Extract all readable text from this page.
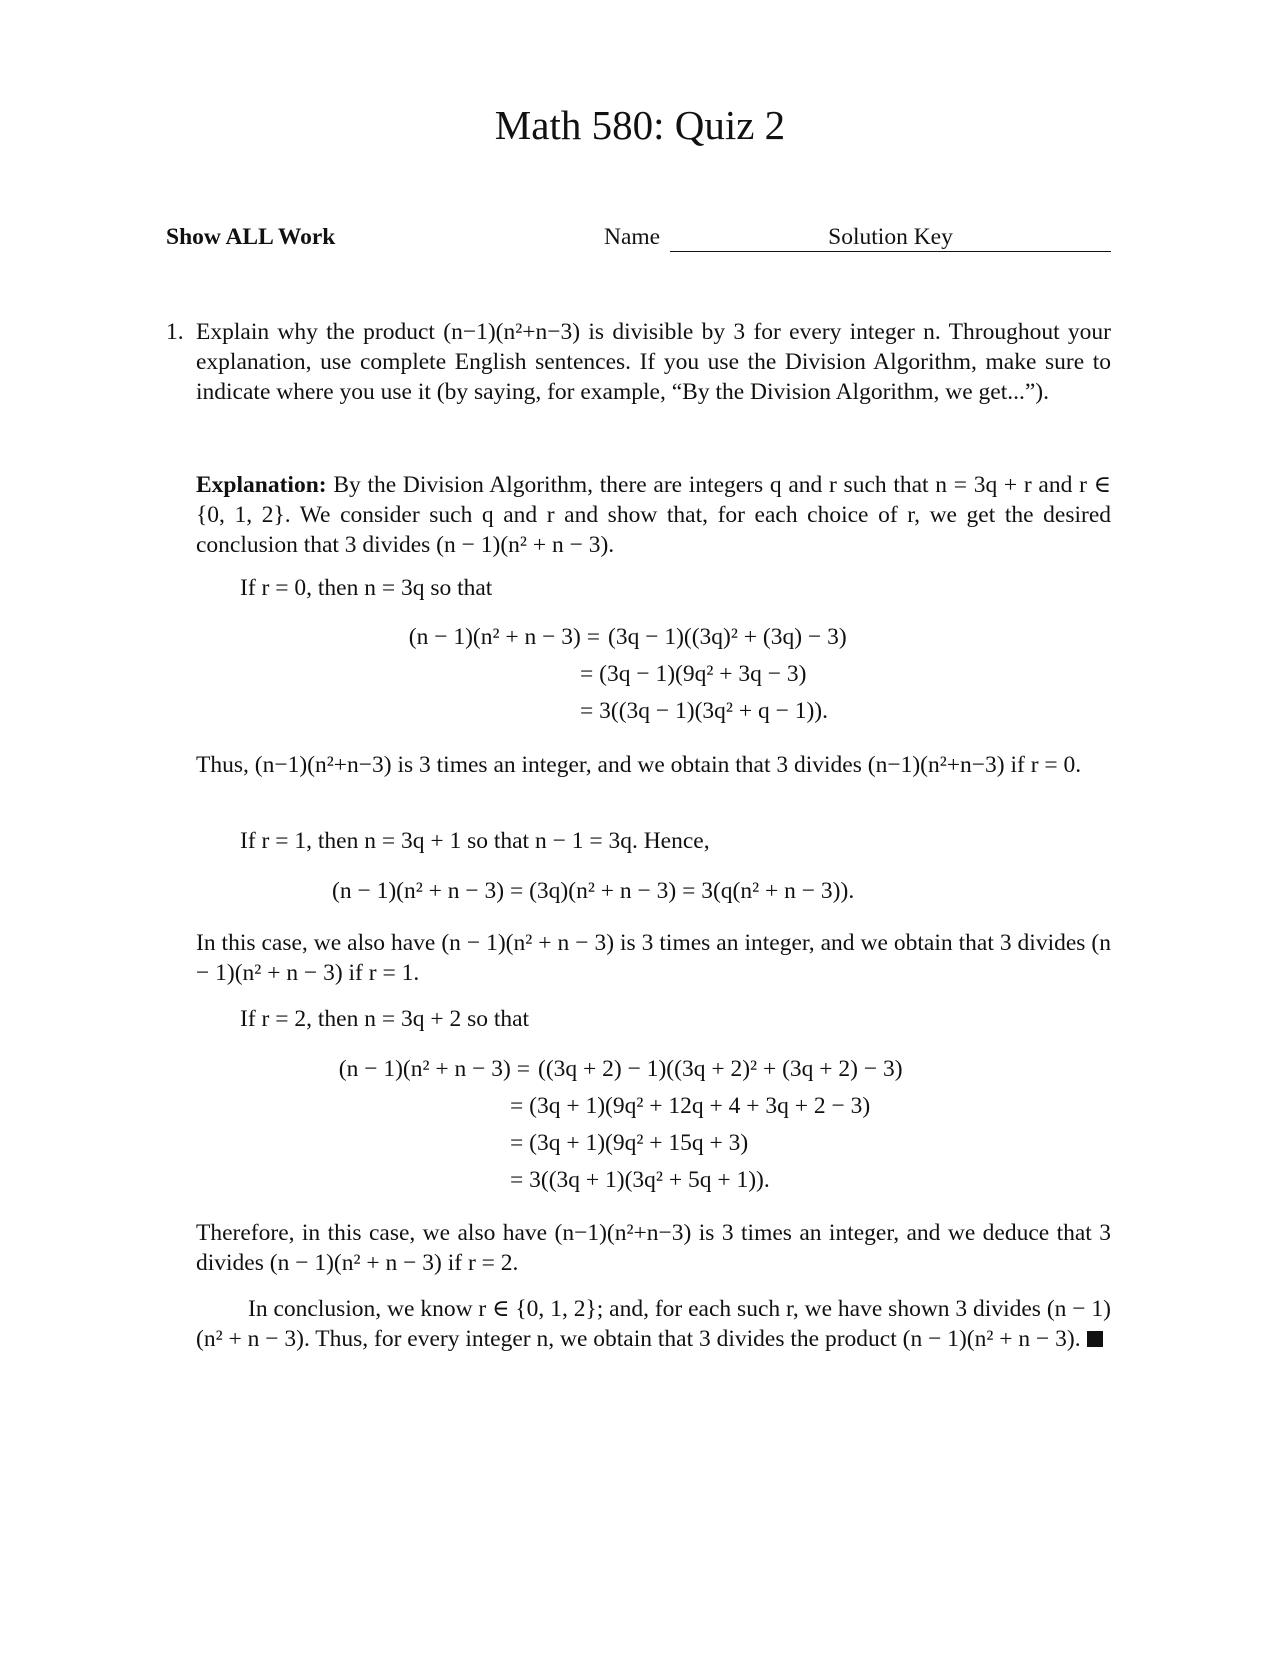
Math 580: Quiz 2
Show ALL Work	Name	Solution Key
1. Explain why the product (n−1)(n²+n−3) is divisible by 3 for every integer n. Throughout your explanation, use complete English sentences. If you use the Division Algorithm, make sure to indicate where you use it (by saying, for example, “By the Division Algorithm, we get...”).
Explanation: By the Division Algorithm, there are integers q and r such that n = 3q + r and r ∈ {0, 1, 2}. We consider such q and r and show that, for each choice of r, we get the desired conclusion that 3 divides (n − 1)(n² + n − 3).
If r = 0, then n = 3q so that
(n − 1)(n² + n − 3) = (3q − 1)((3q)² + (3q) − 3)
= (3q − 1)(9q² + 3q − 3)
= 3((3q − 1)(3q² + q − 1)).
Thus, (n−1)(n²+n−3) is 3 times an integer, and we obtain that 3 divides (n−1)(n²+n−3) if r = 0.
If r = 1, then n = 3q + 1 so that n − 1 = 3q. Hence,
(n − 1)(n² + n − 3) = (3q)(n² + n − 3) = 3(q(n² + n − 3)).
In this case, we also have (n − 1)(n² + n − 3) is 3 times an integer, and we obtain that 3 divides (n − 1)(n² + n − 3) if r = 1.
If r = 2, then n = 3q + 2 so that
(n − 1)(n² + n − 3) = ((3q + 2) − 1)((3q + 2)² + (3q + 2) − 3)
= (3q + 1)(9q² + 12q + 4 + 3q + 2 − 3)
= (3q + 1)(9q² + 15q + 3)
= 3((3q + 1)(3q² + 5q + 1)).
Therefore, in this case, we also have (n−1)(n²+n−3) is 3 times an integer, and we deduce that 3 divides (n − 1)(n² + n − 3) if r = 2.
In conclusion, we know r ∈ {0, 1, 2}; and, for each such r, we have shown 3 divides (n − 1)(n² + n − 3). Thus, for every integer n, we obtain that 3 divides the product (n − 1)(n² + n − 3).
